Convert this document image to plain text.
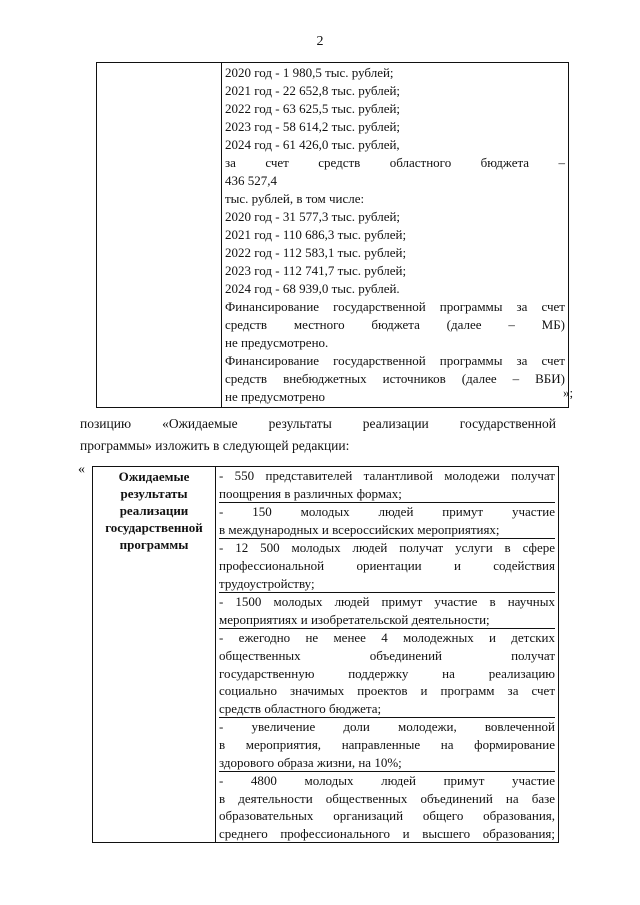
2

2020 год - 1 980,5 тыс. рублей;
2021 год - 22 652,8 тыс. рублей;
2022 год - 63 625,5 тыс. рублей;
2023 год - 58 614,2 тыс. рублей;
2024 год - 61 426,0 тыс. рублей,
за счет средств областного бюджета –
436 527,4
тыс. рублей, в том числе:
2020 год - 31 577,3 тыс. рублей;
2021 год - 110 686,3 тыс. рублей;
2022 год - 112 583,1 тыс. рублей;
2023 год - 112 741,7 тыс. рублей;
2024 год - 68 939,0 тыс. рублей.
Финансирование государственной программы за счет
средств местного бюджета (далее – МБ)
не предусмотрено.
Финансирование государственной программы за счет
средств внебюджетных источников (далее – ВБИ)
не предусмотрено	»;
позицию «Ожидаемые результаты реализации государственной
программы» изложить в следующей редакции:
«	Ожидаемые
результаты
реализации
государственной
программы

- 550 представителей талантливой молодежи получат
поощрения в различных формах;
- 150 молодых людей примут участие
в международных и всероссийских мероприятиях;
- 12 500 молодых людей получат услуги в сфере
профессиональной ориентации и содействия
трудоустройству;
- 1500 молодых людей примут участие в научных
мероприятиях и изобретательской деятельности;
- ежегодно не менее 4 молодежных и детских
общественных объединений получат
государственную поддержку на реализацию
социально значимых проектов и программ за счет
средств областного бюджета;
- увеличение доли молодежи, вовлеченной
в мероприятия, направленные на формирование
здорового образа жизни, на 10%;
- 4800 молодых людей примут участие
в деятельности общественных объединений на базе
образовательных организаций общего образования,
среднего профессионального и высшего образования;
